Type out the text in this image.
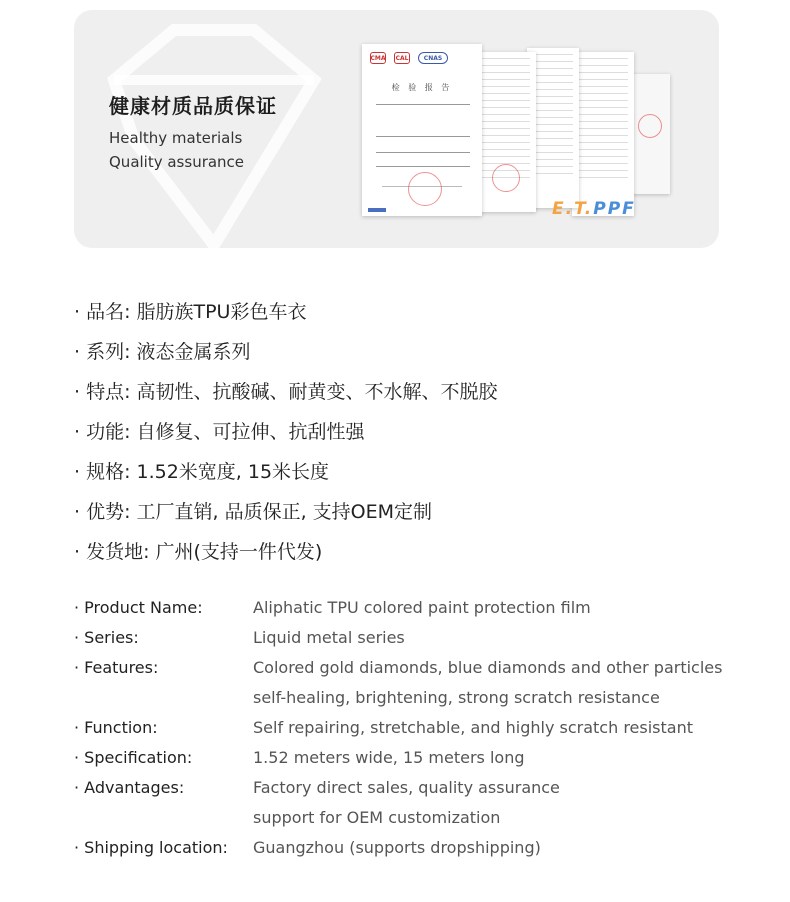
健康材质品质保证
Healthy materials
Quality assurance
CMA CAL	CNAS
检 验 报 告
E.T.PPF
· 品名: 脂肪族TPU彩色车衣
· 系列: 液态金属系列
· 特点: 高韧性、抗酸碱、耐黄变、不水解、不脱胶
· 功能: 自修复、可拉伸、抗刮性强
· 规格: 1.52米宽度, 15米长度
· 优势: 工厂直销, 品质保正, 支持OEM定制
· 发货地: 广州(支持一件代发)
· Product Name:	Aliphatic TPU colored paint protection film
· Series:	Liquid metal series
· Features:	Colored gold diamonds, blue diamonds and other particles
self-healing, brightening, strong scratch resistance
· Function:	Self repairing, stretchable, and highly scratch resistant
· Specification:	1.52 meters wide, 15 meters long
· Advantages:	Factory direct sales, quality assurance
support for OEM customization
· Shipping location:	Guangzhou (supports dropshipping)
